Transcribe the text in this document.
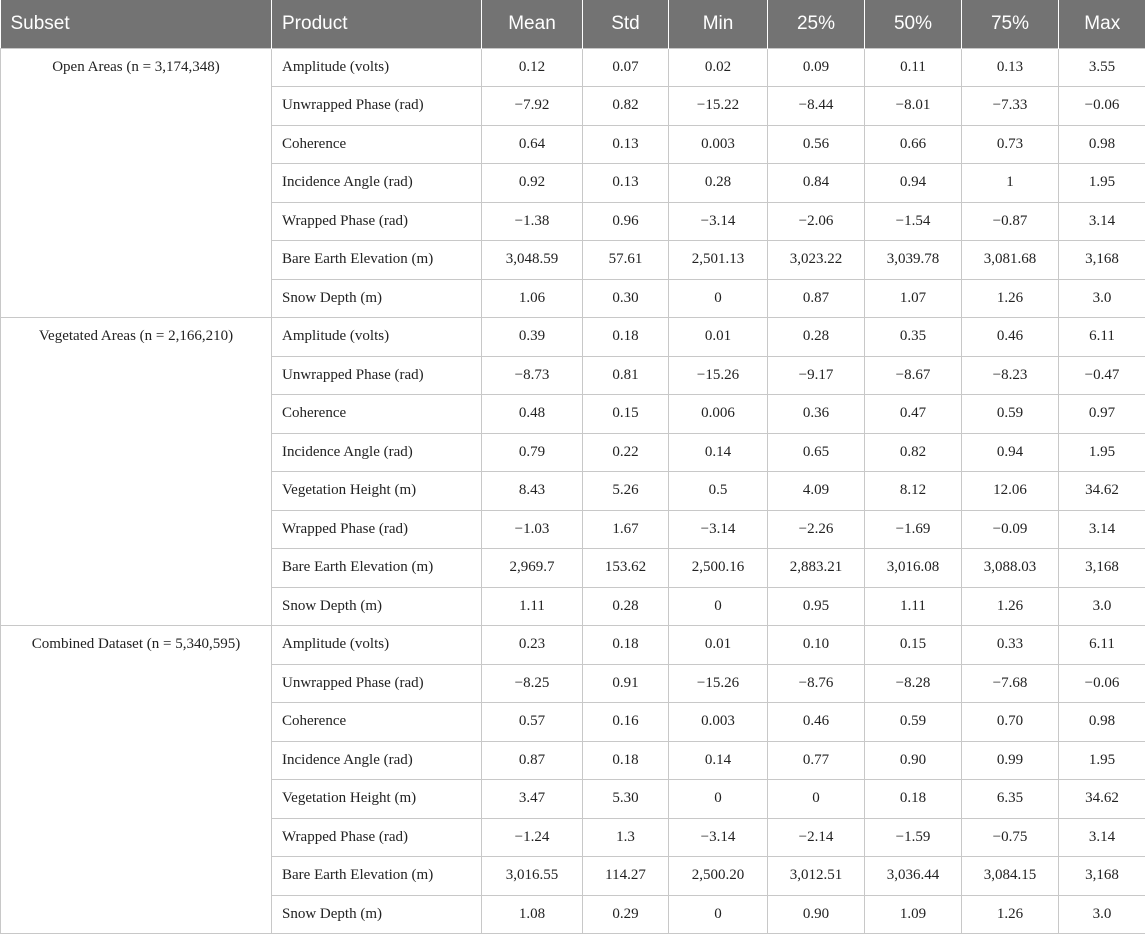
Subset	Product	Mean	Std	Min	25%	50%	75%	Max
Open Areas (n = 3,174,348)	Amplitude (volts)	0.12	0.07	0.02	0.09	0.11	0.13	3.55
	Unwrapped Phase (rad)	−7.92	0.82	−15.22	−8.44	−8.01	−7.33	−0.06
	Coherence	0.64	0.13	0.003	0.56	0.66	0.73	0.98
	Incidence Angle (rad)	0.92	0.13	0.28	0.84	0.94	1	1.95
	Wrapped Phase (rad)	−1.38	0.96	−3.14	−2.06	−1.54	−0.87	3.14
	Bare Earth Elevation (m)	3,048.59	57.61	2,501.13	3,023.22	3,039.78	3,081.68	3,168
	Snow Depth (m)	1.06	0.30	0	0.87	1.07	1.26	3.0
Vegetated Areas (n = 2,166,210)	Amplitude (volts)	0.39	0.18	0.01	0.28	0.35	0.46	6.11
	Unwrapped Phase (rad)	−8.73	0.81	−15.26	−9.17	−8.67	−8.23	−0.47
	Coherence	0.48	0.15	0.006	0.36	0.47	0.59	0.97
	Incidence Angle (rad)	0.79	0.22	0.14	0.65	0.82	0.94	1.95
	Vegetation Height (m)	8.43	5.26	0.5	4.09	8.12	12.06	34.62
	Wrapped Phase (rad)	−1.03	1.67	−3.14	−2.26	−1.69	−0.09	3.14
	Bare Earth Elevation (m)	2,969.7	153.62	2,500.16	2,883.21	3,016.08	3,088.03	3,168
	Snow Depth (m)	1.11	0.28	0	0.95	1.11	1.26	3.0
Combined Dataset (n = 5,340,595)	Amplitude (volts)	0.23	0.18	0.01	0.10	0.15	0.33	6.11
	Unwrapped Phase (rad)	−8.25	0.91	−15.26	−8.76	−8.28	−7.68	−0.06
	Coherence	0.57	0.16	0.003	0.46	0.59	0.70	0.98
	Incidence Angle (rad)	0.87	0.18	0.14	0.77	0.90	0.99	1.95
	Vegetation Height (m)	3.47	5.30	0	0	0.18	6.35	34.62
	Wrapped Phase (rad)	−1.24	1.3	−3.14	−2.14	−1.59	−0.75	3.14
	Bare Earth Elevation (m)	3,016.55	114.27	2,500.20	3,012.51	3,036.44	3,084.15	3,168
	Snow Depth (m)	1.08	0.29	0	0.90	1.09	1.26	3.0
